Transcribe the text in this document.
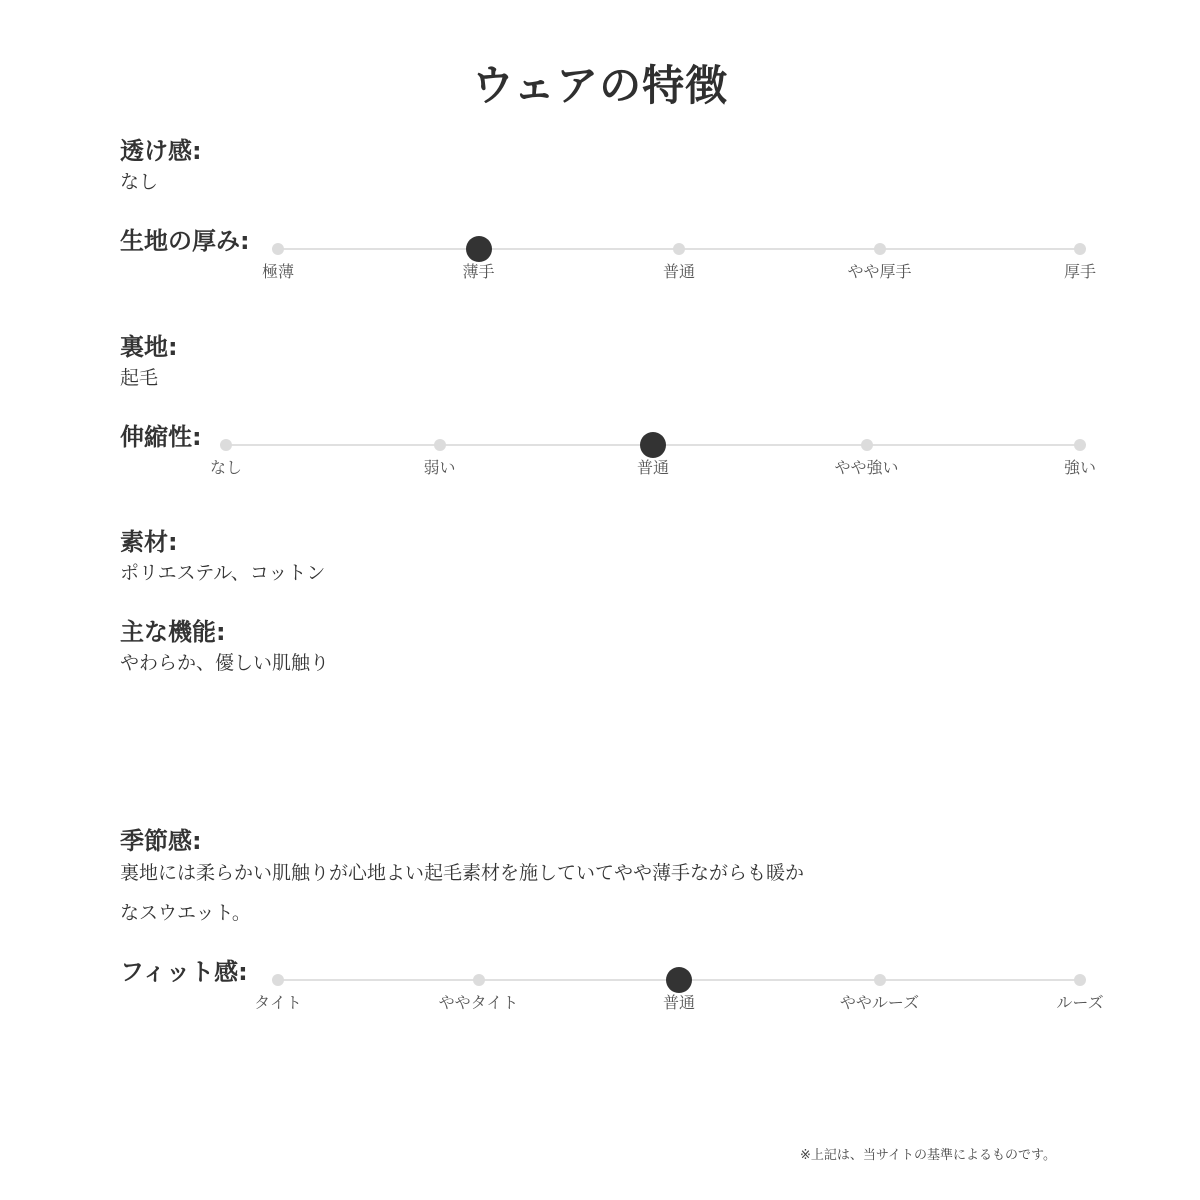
ウェアの特徴
透け感:
なし
生地の厚み:
極薄	薄手	普通	やや厚手	厚手
裏地:
起毛
伸縮性:
なし	弱い	普通	やや強い	強い
素材:
ポリエステル、コットン
主な機能:
やわらか、優しい肌触り
季節感:
裏地には柔らかい肌触りが心地よい起毛素材を施していてやや薄手ながらも暖か
なスウエット。
フィット感:
タイト	ややタイト	普通	ややルーズ	ルーズ
※上記は、当サイトの基準によるものです。
